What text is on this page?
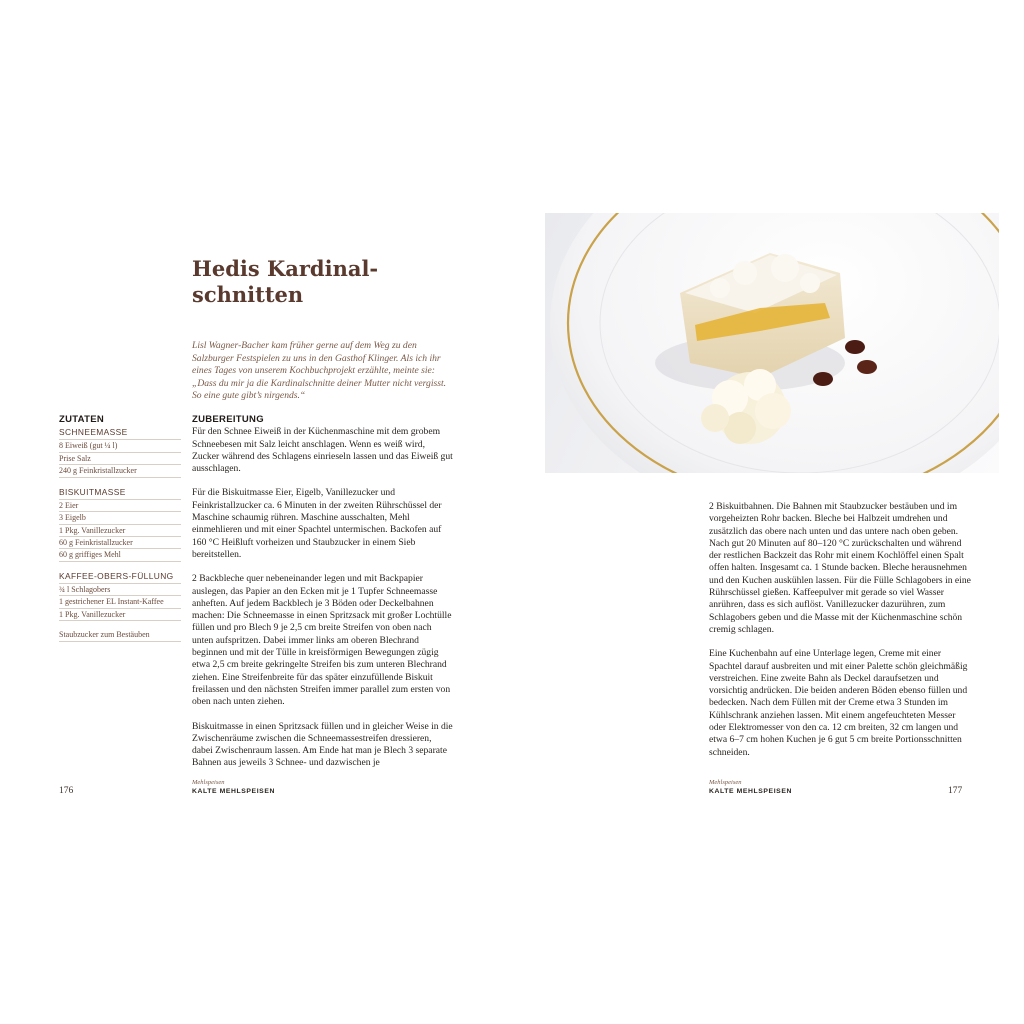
Hedis Kardinal-
schnitten
Lisl Wagner-Bacher kam früher gerne auf dem Weg zu den Salzburger Festspielen zu uns in den Gasthof Klinger. Als ich ihr eines Tages von unserem Kochbuchprojekt erzählte, meinte sie: „Dass du mir ja die Kardinalschnitte deiner Mutter nicht vergisst. So eine gute gibt’s nirgends.“
ZUTATEN
SCHNEEMASSE
8 Eiweiß (gut ¼ l)
Prise Salz
240 g Feinkristallzucker
BISKUITMASSE
2 Eier
3 Eigelb
1 Pkg. Vanillezucker
60 g Feinkristallzucker
60 g griffiges Mehl
KAFFEE-OBERS-FÜLLUNG
¾ l Schlagobers
1 gestrichener EL Instant-Kaffee
1 Pkg. Vanillezucker
Staubzucker zum Bestäuben
ZUBEREITUNG

Für den Schnee Eiweiß in der Küchenmaschine mit dem grobem Schneebesen mit Salz leicht anschlagen. Wenn es weiß wird, Zucker während des Schlagens einrieseln lassen und das Eiweiß gut ausschlagen.

Für die Biskuitmasse Eier, Eigelb, Vanillezucker und Feinkristallzucker ca. 6 Minuten in der zweiten Rührschüssel der Maschine schaumig rühren. Maschine ausschalten, Mehl einmehlieren und mit einer Spachtel untermischen. Backofen auf 160 °C Heißluft vorheizen und Staubzucker in einem Sieb bereitstellen.

2 Backbleche quer nebeneinander legen und mit Backpapier auslegen, das Papier an den Ecken mit je 1 Tupfer Schneemasse anheften. Auf jedem Backblech je 3 Böden oder Deckelbahnen machen: Die Schneemasse in einen Spritzsack mit großer Lochtülle füllen und pro Blech 9 je 2,5 cm breite Streifen von oben nach unten aufspritzen. Dabei immer links am oberen Blechrand beginnen und mit der Tülle in kreisförmigen Bewegungen zügig etwa 2,5 cm breite gekringelte Streifen bis zum unteren Blechrand ziehen. Eine Streifenbreite für das später einzufüllende Biskuit freilassen und den nächsten Streifen immer parallel zum ersten von oben nach unten ziehen.

Biskuitmasse in einen Spritzsack füllen und in gleicher Weise in die Zwischenräume zwischen die Schneemassestreifen dressieren, dabei Zwischenraum lassen. Am Ende hat man je Blech 3 separate Bahnen aus jeweils 3 Schnee- und dazwischen je

Mehlspeisen
KALTE MEHLSPEISEN
176

2 Biskuitbahnen. Die Bahnen mit Staubzucker bestäuben und im vorgeheizten Rohr backen. Bleche bei Halbzeit umdrehen und zusätzlich das obere nach unten und das untere nach oben geben. Nach gut 20 Minuten auf 80–120 °C zurückschalten und während der restlichen Backzeit das Rohr mit einem Kochlöffel einen Spalt offen halten. Insgesamt ca. 1 Stunde backen. Bleche herausnehmen und den Kuchen auskühlen lassen. Für die Fülle Schlagobers in eine Rührschüssel gießen. Kaffeepulver mit gerade so viel Wasser anrühren, dass es sich auflöst. Vanillezucker dazurühren, zum Schlagobers geben und die Masse mit der Küchenmaschine schön cremig schlagen.

Eine Kuchenbahn auf eine Unterlage legen, Creme mit einer Spachtel darauf ausbreiten und mit einer Palette schön gleichmäßig verstreichen. Eine zweite Bahn als Deckel daraufsetzen und vorsichtig andrücken. Die beiden anderen Böden ebenso füllen und bedecken. Nach dem Füllen mit der Creme etwa 3 Stunden im Kühlschrank anziehen lassen. Mit einem angefeuchteten Messer oder Elektromesser von den ca. 12 cm breiten, 32 cm langen und etwa 6–7 cm hohen Kuchen je 6 gut 5 cm breite Portionsschnitten schneiden.

Mehlspeisen
KALTE MEHLSPEISEN	177
